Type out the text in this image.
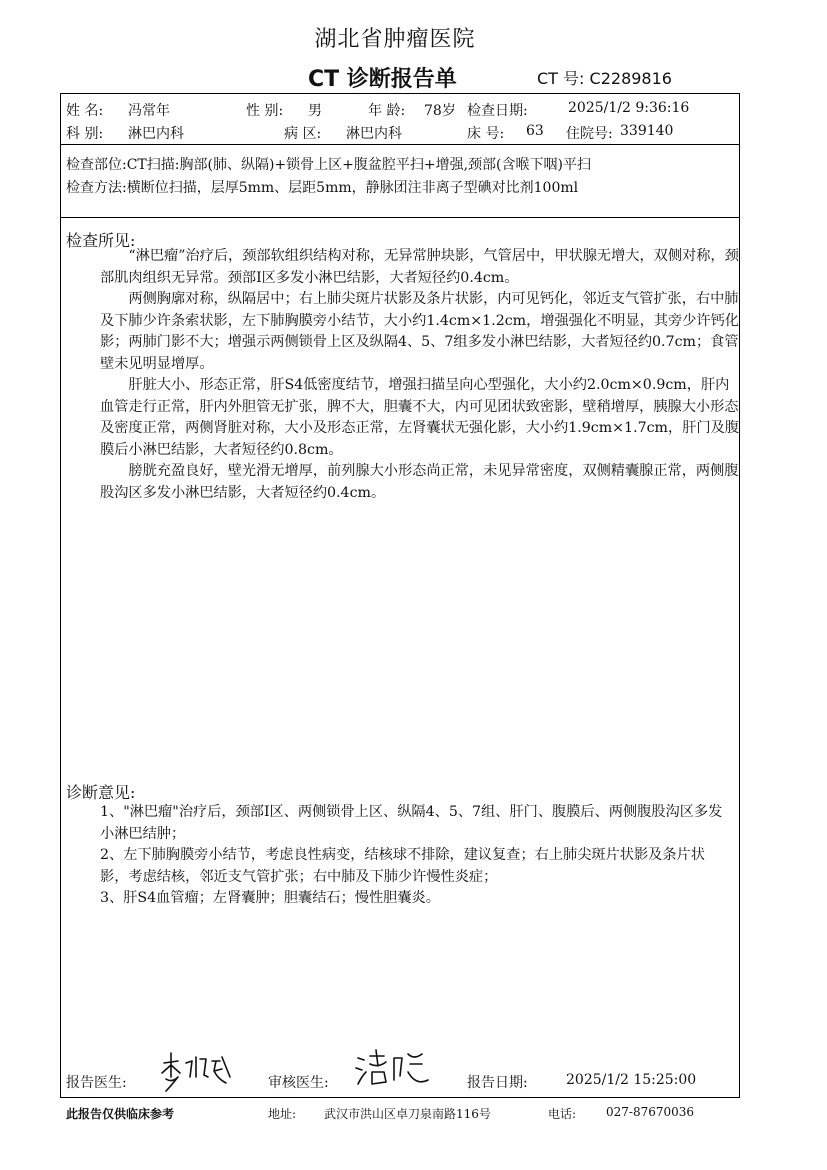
湖北省肿瘤医院
CT 诊断报告单	CT 号: C2289816
姓 名: 冯常年	性 别: 男	年 龄: 78岁 检查日期:	2025/1/2 9:36:16
科 别: 淋巴内科	病 区: 淋巴内科	床 号: 63 住院号: 339140
检查部位:CT扫描:胸部(肺、纵隔)+锁骨上区+腹盆腔平扫+增强,颈部(含喉下咽)平扫
检查方法:横断位扫描，层厚5mm、层距5mm，静脉团注非离子型碘对比剂100ml
检查所见:

“淋巴瘤”治疗后，颈部软组织结构对称，无异常肿块影，气管居中，甲状腺无增大，双侧对称，颈部肌肉组织无异常。颈部Ⅰ区多发小淋巴结影，大者短径约0.4cm。

两侧胸廓对称，纵隔居中；右上肺尖斑片状影及条片状影，内可见钙化，邻近支气管扩张，右中肺及下肺少许条索状影，左下肺胸膜旁小结节，大小约1.4cm×1.2cm，增强强化不明显，其旁少许钙化影；两肺门影不大；增强示两侧锁骨上区及纵隔4、5、7组多发小淋巴结影，大者短径约0.7cm；食管壁未见明显增厚。

肝脏大小、形态正常，肝S4低密度结节，增强扫描呈向心型强化，大小约2.0cm×0.9cm，肝内血管走行正常，肝内外胆管无扩张，脾不大，胆囊不大，内可见团状致密影，壁稍增厚，胰腺大小形态及密度正常，两侧肾脏对称，大小及形态正常，左肾囊状无强化影，大小约1.9cm×1.7cm，肝门及腹膜后小淋巴结影，大者短径约0.8cm。

膀胱充盈良好，壁光滑无增厚，前列腺大小形态尚正常，未见异常密度，双侧精囊腺正常，两侧腹股沟区多发小淋巴结影，大者短径约0.4cm。

诊断意见:

1、"淋巴瘤"治疗后，颈部Ⅰ区、两侧锁骨上区、纵隔4、5、7组、肝门、腹膜后、两侧腹股沟区多发小淋巴结肿；

2、左下肺胸膜旁小结节，考虑良性病变，结核球不排除，建议复查；右上肺尖斑片状影及条片状影，考虑结核，邻近支气管扩张；右中肺及下肺少许慢性炎症；

3、肝S4血管瘤；左肾囊肿；胆囊结石；慢性胆囊炎。

报告医生:	审核医生:	报告日期:	2025/1/2 15:25:00
此报告仅供临床参考	地址: 武汉市洪山区卓刀泉南路116号	电话: 027-87670036
